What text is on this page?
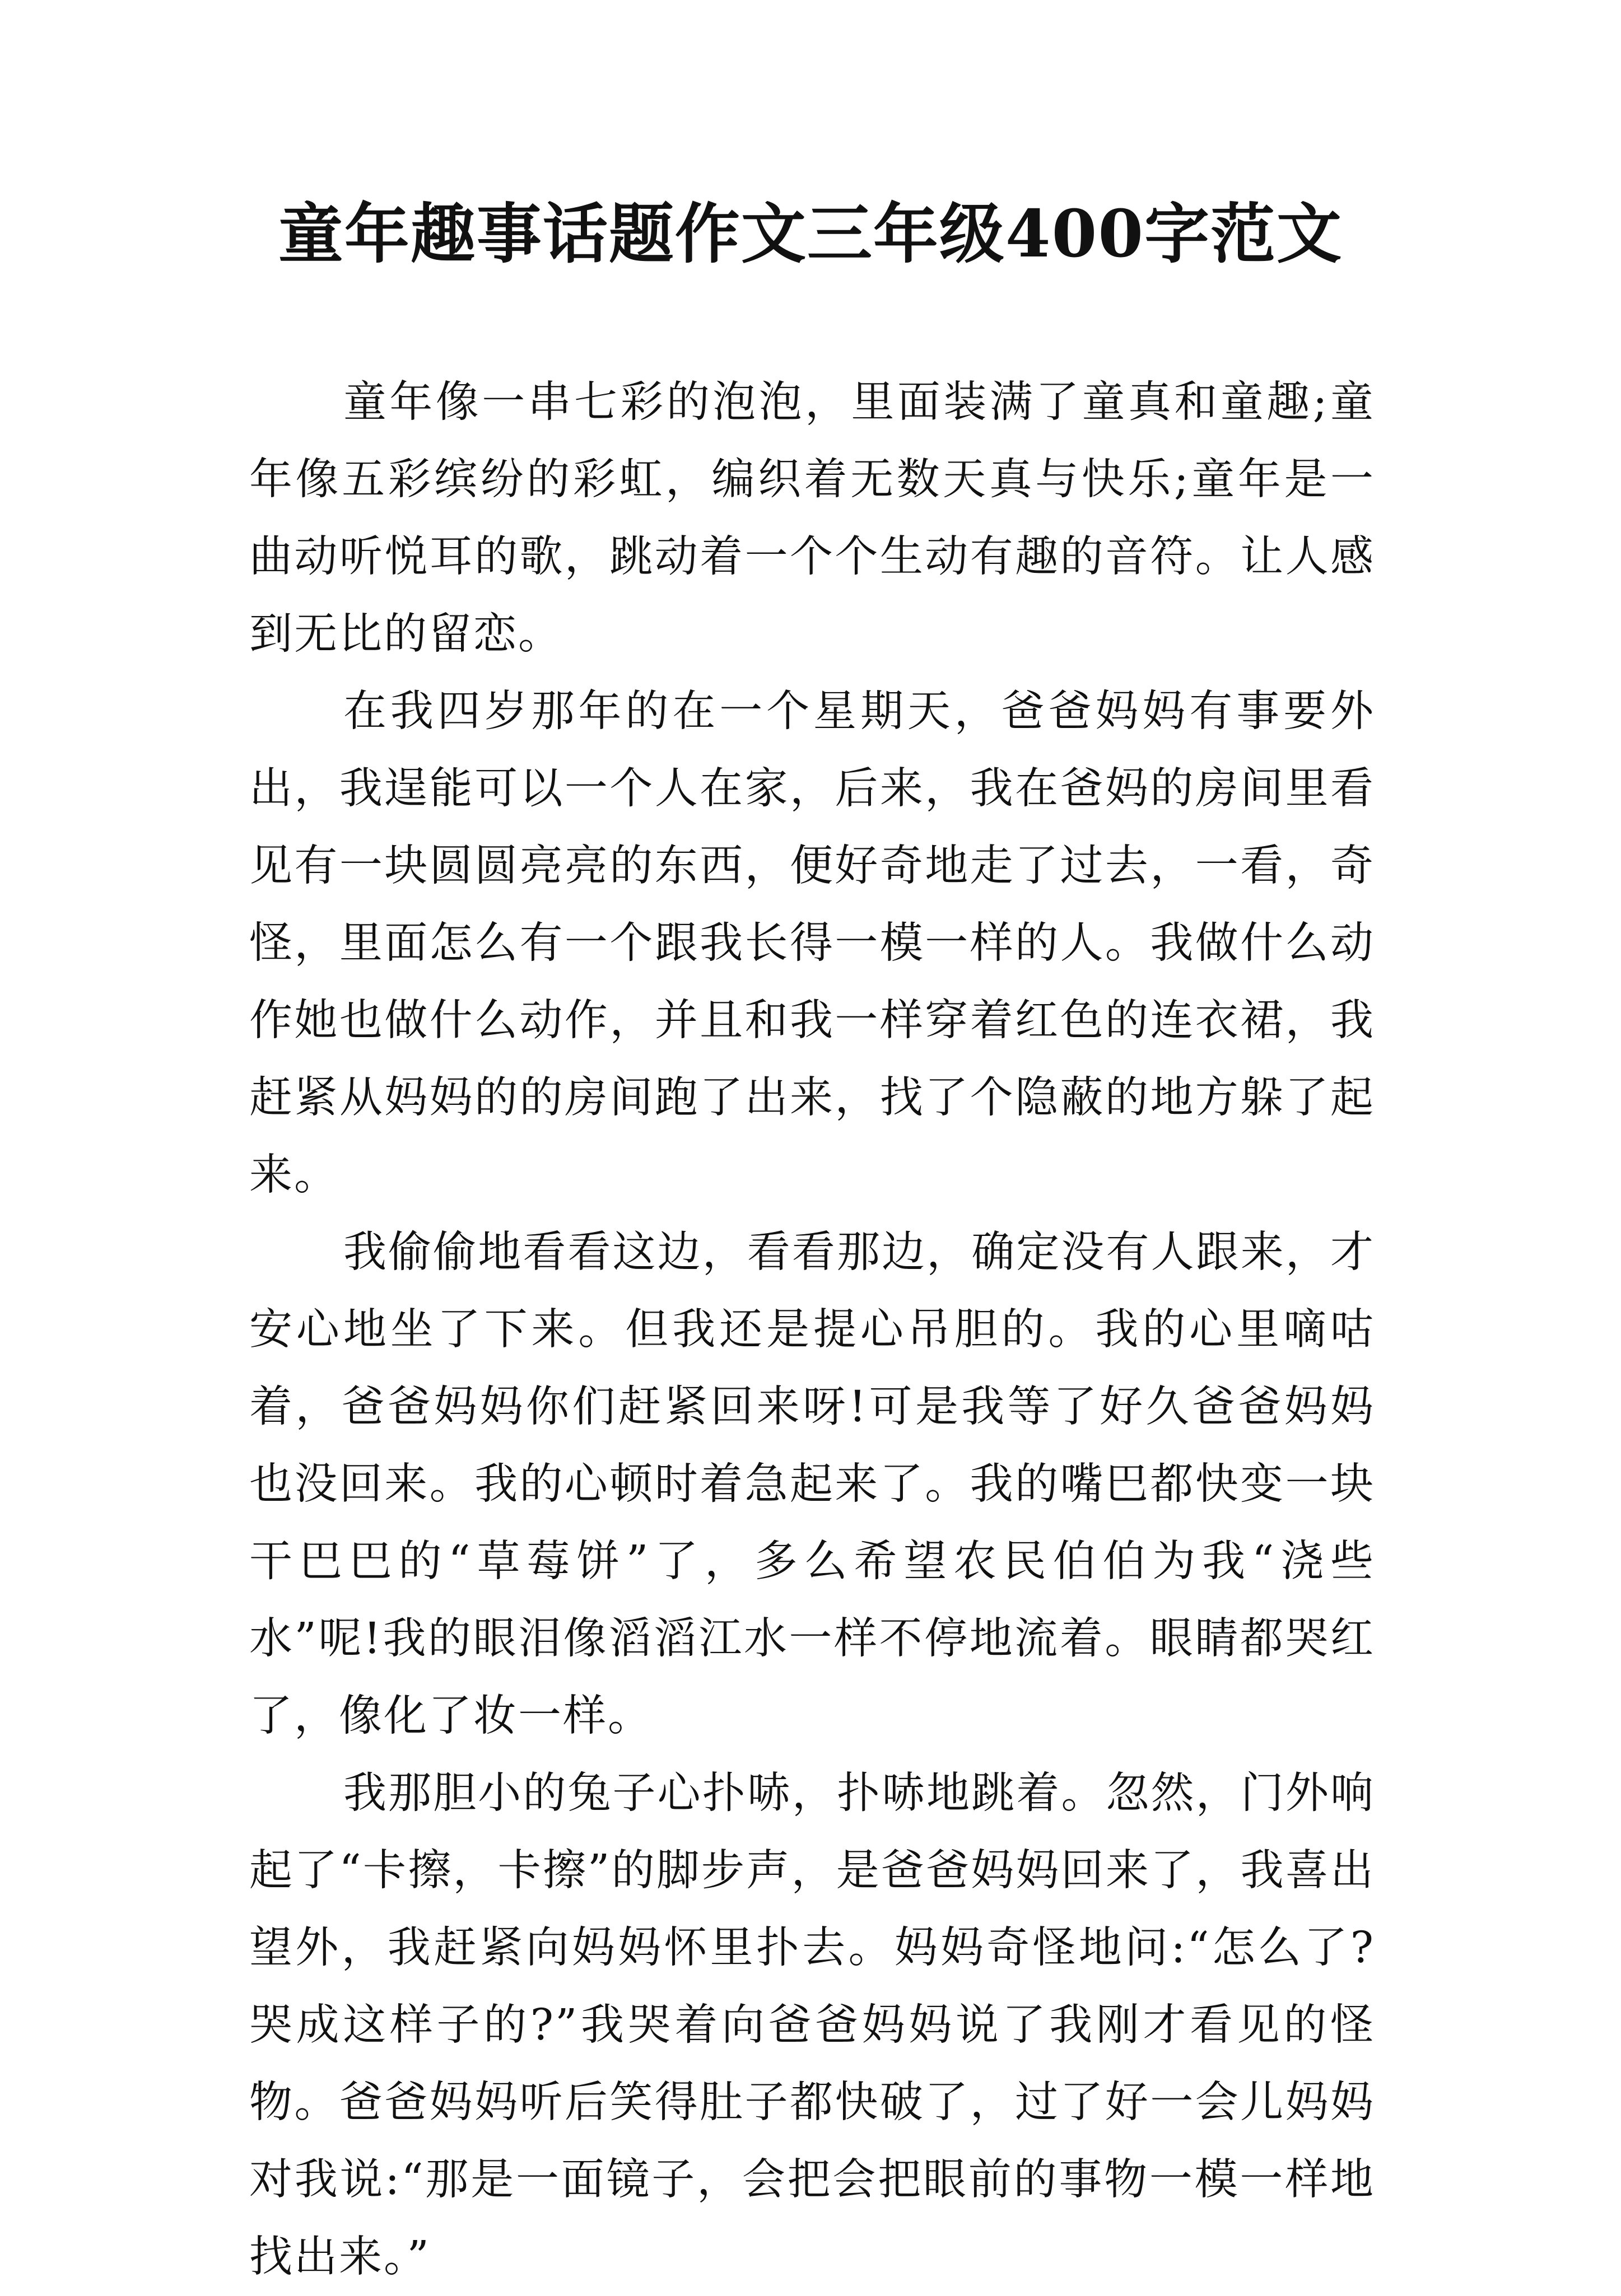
童年趣事话题作文三年级400字范文

童年像一串七彩的泡泡，里面装满了童真和童趣;童年像五彩缤纷的彩虹，编织着无数天真与快乐;童年是一曲动听悦耳的歌，跳动着一个个生动有趣的音符。让人感到无比的留恋。

在我四岁那年的在一个星期天，爸爸妈妈有事要外出，我逞能可以一个人在家，后来，我在爸妈的房间里看见有一块圆圆亮亮的东西，便好奇地走了过去，一看，奇怪，里面怎么有一个跟我长得一模一样的人。我做什么动作她也做什么动作，并且和我一样穿着红色的连衣裙，我赶紧从妈妈的的房间跑了出来，找了个隐蔽的地方躲了起来。

我偷偷地看看这边，看看那边，确定没有人跟来，才安心地坐了下来。但我还是提心吊胆的。我的心里嘀咕着，爸爸妈妈你们赶紧回来呀!可是我等了好久爸爸妈妈也没回来。我的心顿时着急起来了。我的嘴巴都快变一块干巴巴的“草莓饼”了，多么希望农民伯伯为我“浇些水”呢!我的眼泪像滔滔江水一样不停地流着。眼睛都哭红了，像化了妆一样。

我那胆小的兔子心扑哧，扑哧地跳着。忽然，门外响起了“卡擦，卡擦”的脚步声，是爸爸妈妈回来了，我喜出望外，我赶紧向妈妈怀里扑去。妈妈奇怪地问:“怎么了?哭成这样子的?”我哭着向爸爸妈妈说了我刚才看见的怪物。爸爸妈妈听后笑得肚子都快破了，过了好一会儿妈妈对我说:“那是一面镜子，会把会把眼前的事物一模一样地找出来。”
